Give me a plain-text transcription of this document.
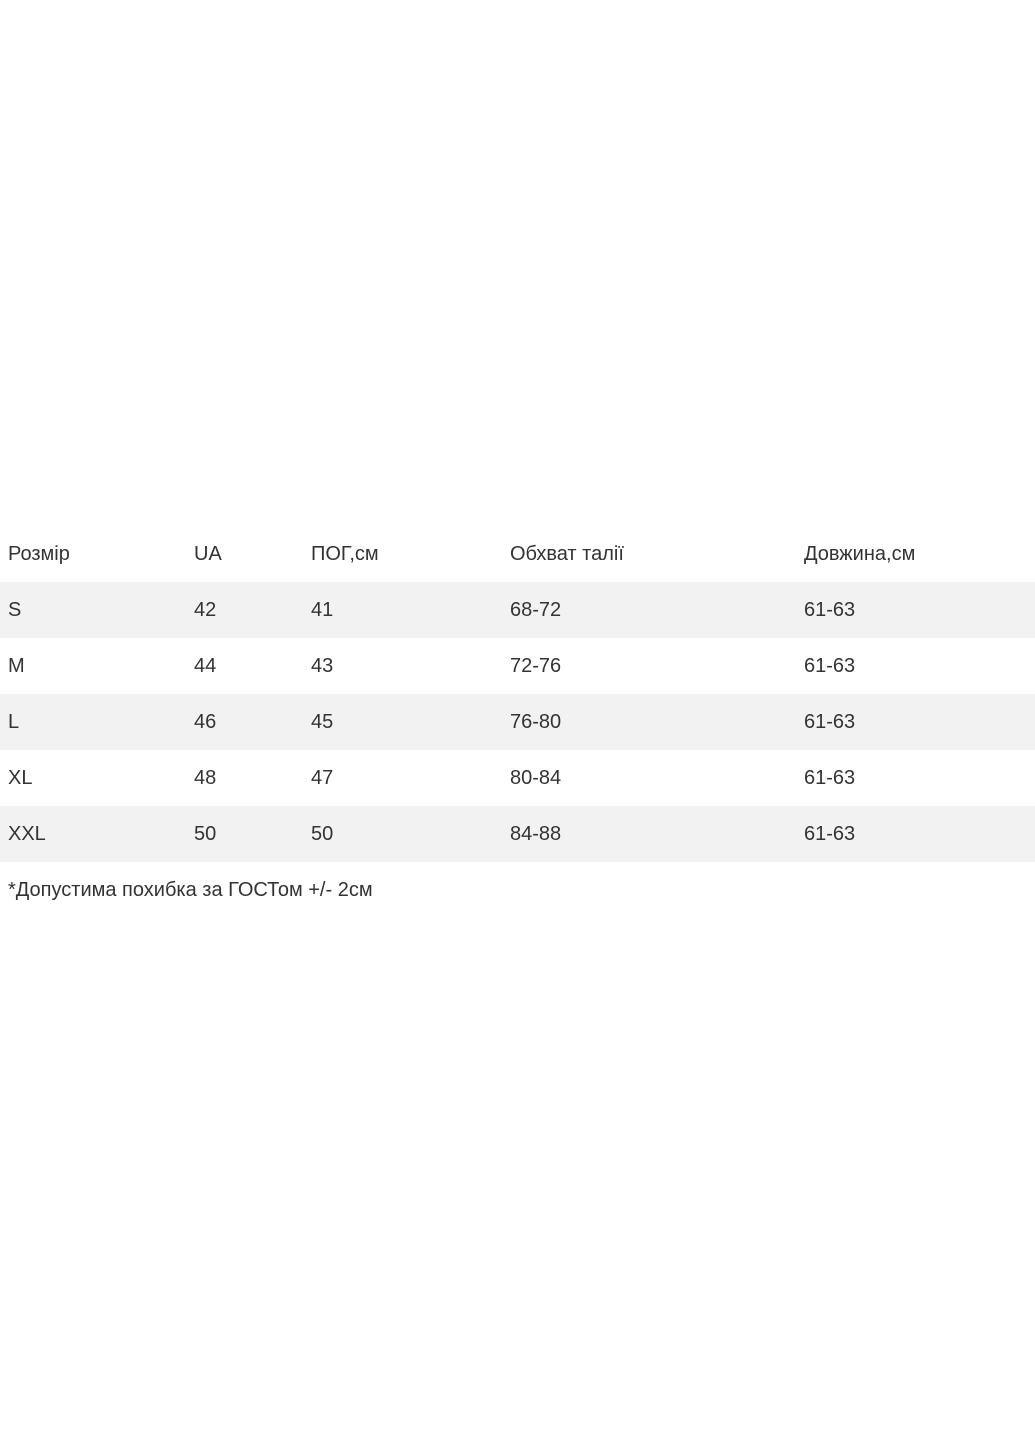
Розмір	UA	ПОГ,см	Обхват талії	Довжина,см
S	42	41	68-72	61-63
M	44	43	72-76	61-63
L	46	45	76-80	61-63
XL	48	47	80-84	61-63
XXL	50	50	84-88	61-63
*Допустима похибка за ГОСТом +/- 2см
